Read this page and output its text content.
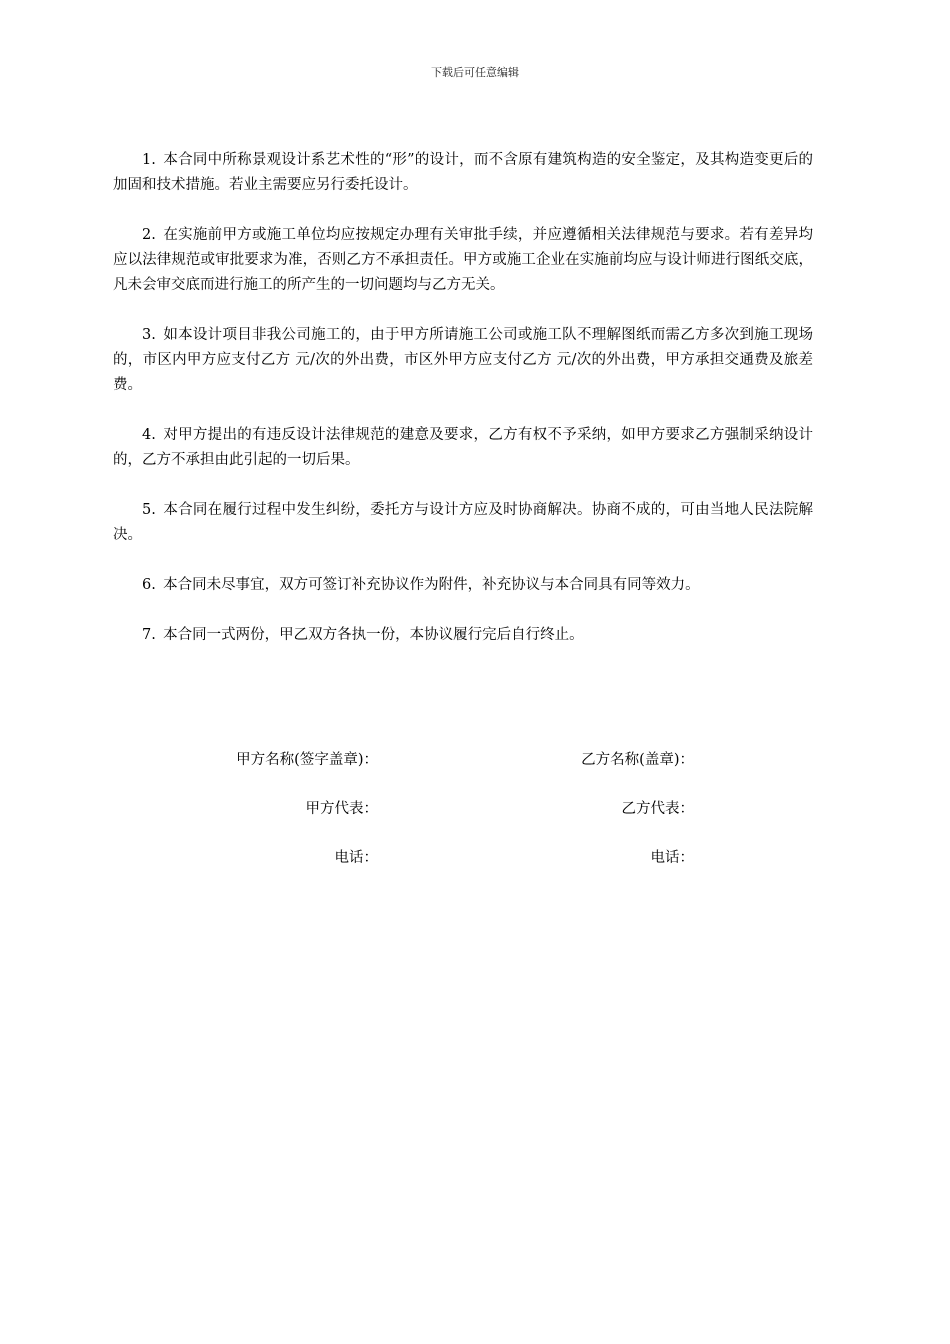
下载后可任意编辑

1. 本合同中所称景观设计系艺术性的“形”的设计，而不含原有建筑构造的安全鉴定，及其构造变更后的加固和技术措施。若业主需要应另行委托设计。

2. 在实施前甲方或施工单位均应按规定办理有关审批手续，并应遵循相关法律规范与要求。若有差异均应以法律规范或审批要求为准，否则乙方不承担责任。甲方或施工企业在实施前均应与设计师进行图纸交底，凡未会审交底而进行施工的所产生的一切问题均与乙方无关。

3. 如本设计项目非我公司施工的，由于甲方所请施工公司或施工队不理解图纸而需乙方多次到施工现场的，市区内甲方应支付乙方 元/次的外出费，市区外甲方应支付乙方 元/次的外出费，甲方承担交通费及旅差费。

4. 对甲方提出的有违反设计法律规范的建意及要求，乙方有权不予采纳，如甲方要求乙方强制采纳设计的，乙方不承担由此引起的一切后果。

5. 本合同在履行过程中发生纠纷，委托方与设计方应及时协商解决。协商不成的，可由当地人民法院解决。

6. 本合同未尽事宜，双方可签订补充协议作为附件，补充协议与本合同具有同等效力。

7. 本合同一式两份，甲乙双方各执一份，本协议履行完后自行终止。

甲方名称(签字盖章)：	乙方名称(盖章)：
甲方代表：	乙方代表：
电话：	电话：
